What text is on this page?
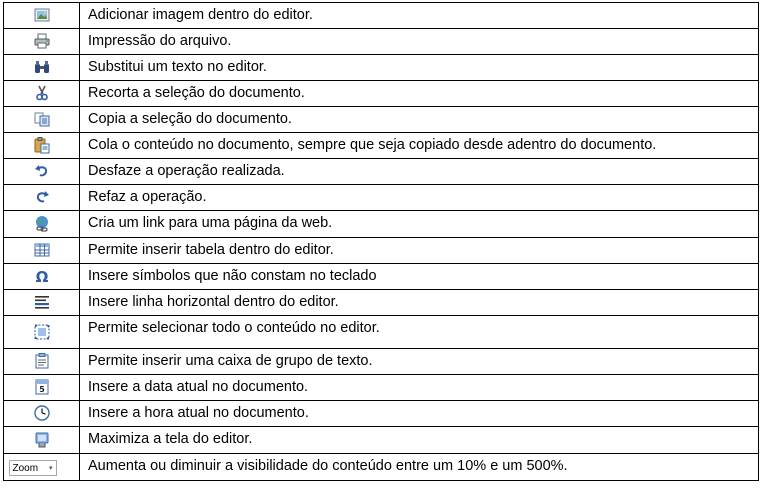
	Adicionar imagem dentro do editor.

	Impressão do arquivo.

	Substitui um texto no editor.

	Recorta a seleção do documento.

	Copia a seleção do documento.

	Cola o conteúdo no documento, sempre que seja copiado desde adentro do documento.

	Desfaze a operação realizada.

	Refaz a operação.

	Cria um link para uma página da web.

	Permite inserir tabela dentro do editor.

Ω	Insere símbolos que não constam no teclado

	Insere linha horizontal dentro do editor.

	Permite selecionar todo o conteúdo no editor.

	Permite inserir uma caixa de grupo de texto.

5	Insere a data atual no documento.

	Insere a hora atual no documento.

	Maximiza a tela do editor.

Zoom ▾	Aumenta ou diminuir a visibilidade do conteúdo entre um 10% e um 500%.
